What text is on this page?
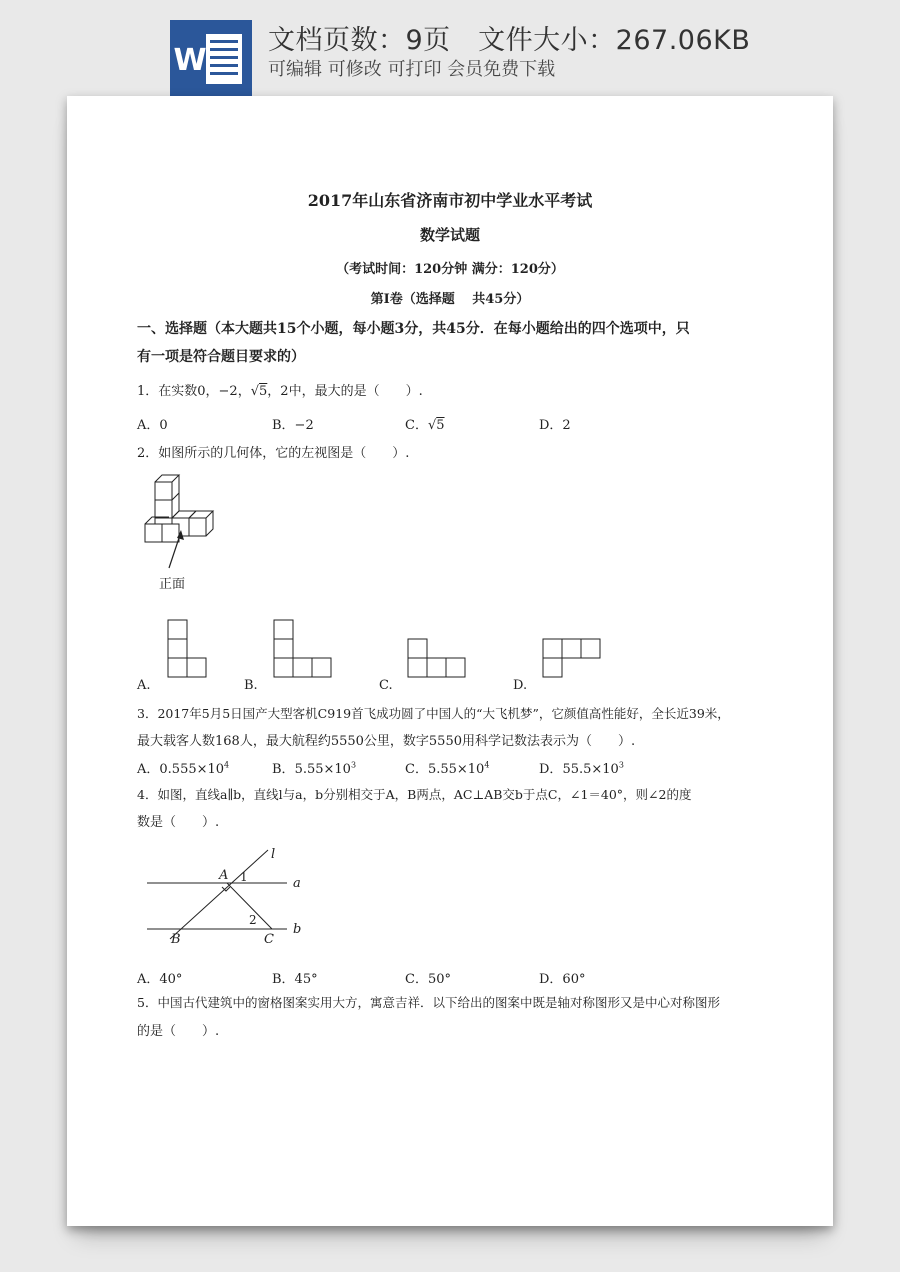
W
文档页数：9页　文件大小：267.06KB
可编辑 可修改 可打印 会员免费下载
2017年山东省济南市初中学业水平考试
数学试题
（考试时间：120分钟 满分：120分）
第Ⅰ卷（选择题　 共45分）
一、选择题（本大题共15个小题，每小题3分，共45分．在每小题给出的四个选项中，只
有一项是符合题目要求的）
1．在实数0，−2，√5，2中，最大的是（　　）.
A．0	B．−2	C．√5	D．2
2．如图所示的几何体，它的左视图是（　　）.
正面
A.	B.	C.	D.
3．2017年5月5日国产大型客机C919首飞成功圆了中国人的“大飞机梦”，它颜值高性能好，全长近39米，
最大载客人数168人，最大航程约5550公里，数字5550用科学记数法表示为（　　）.
A．$0.555\times 10^4$	B．$5.55\times 10^3$	C．$5.55\times 10^4$	D．$55.5\times 10^3$
4．如图，直线a∥b，直线l与a，b分别相交于A，B两点，AC⊥AB交b于点C，∠1＝40°，则∠2的度
数是（　　）.
l
a
b
A
B	C
1
2
A．40°	B．45°	C．50°	D．60°
5．中国古代建筑中的窗格图案实用大方，寓意吉祥．以下给出的图案中既是轴对称图形又是中心对称图形
的是（　　）.
